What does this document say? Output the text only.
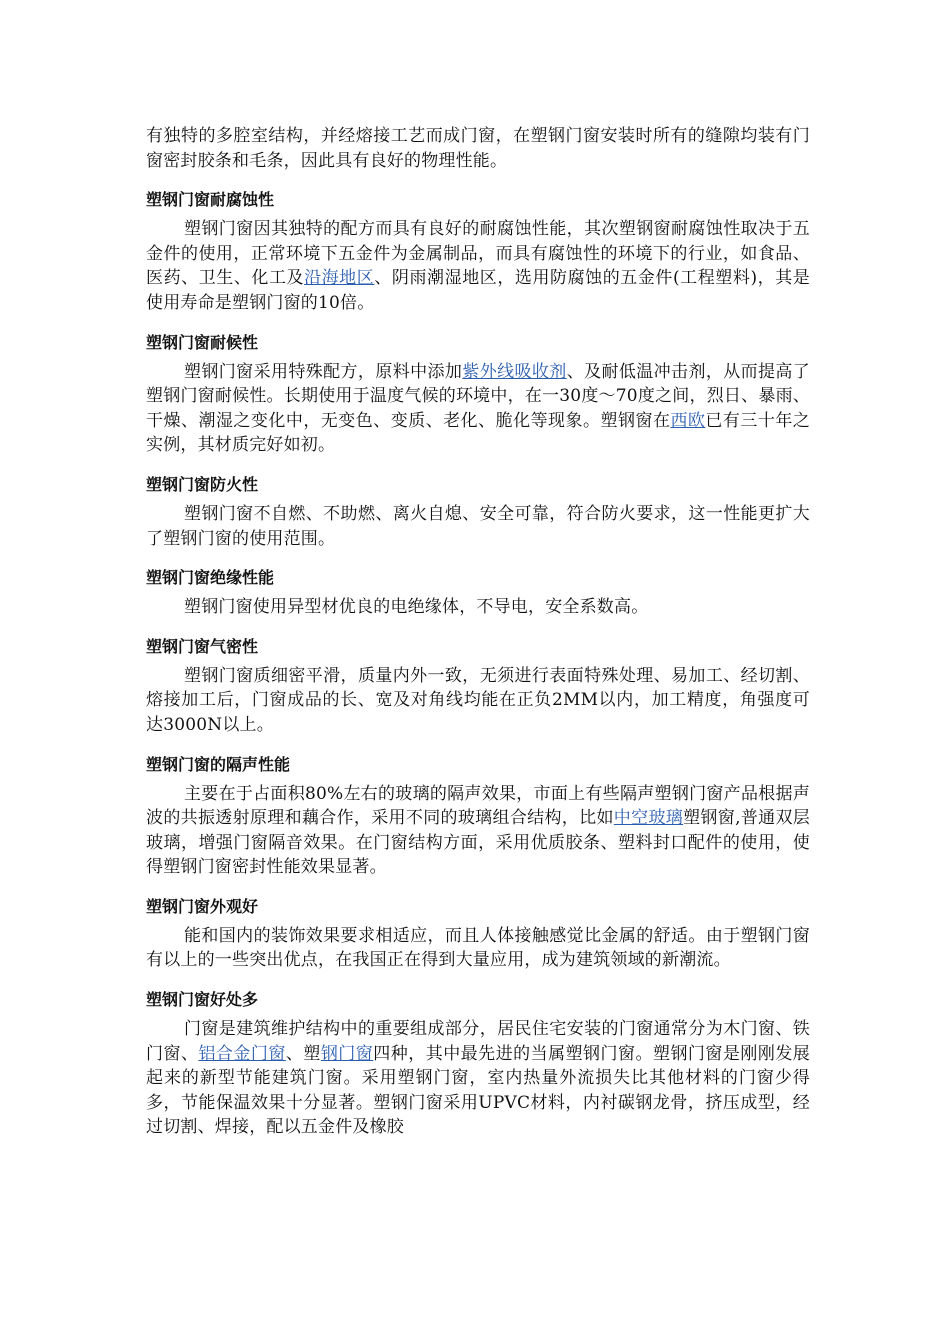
有独特的多腔室结构，并经熔接工艺而成门窗，在塑钢门窗安装时所有的缝隙均装有门窗密封胶条和毛条，因此具有良好的物理性能。

塑钢门窗耐腐蚀性

塑钢门窗因其独特的配方而具有良好的耐腐蚀性能，其次塑钢窗耐腐蚀性取决于五金件的使用，正常环境下五金件为金属制品，而具有腐蚀性的环境下的行业，如食品、医药、卫生、化工及沿海地区、阴雨潮湿地区，选用防腐蚀的五金件(工程塑料)，其是使用寿命是塑钢门窗的10倍。

塑钢门窗耐候性

塑钢门窗采用特殊配方，原料中添加紫外线吸收剂、及耐低温冲击剂，从而提高了塑钢门窗耐候性。长期使用于温度气候的环境中，在一30度～70度之间，烈日、暴雨、干燥、潮湿之变化中，无变色、变质、老化、脆化等现象。塑钢窗在西欧已有三十年之实例，其材质完好如初。

塑钢门窗防火性

塑钢门窗不自燃、不助燃、离火自熄、安全可靠，符合防火要求，这一性能更扩大了塑钢门窗的使用范围。

塑钢门窗绝缘性能

塑钢门窗使用异型材优良的电绝缘体，不导电，安全系数高。

塑钢门窗气密性

塑钢门窗质细密平滑，质量内外一致，无须进行表面特殊处理、易加工、经切割、熔接加工后，门窗成品的长、宽及对角线均能在正负2MM以内，加工精度，角强度可达3000N以上。

塑钢门窗的隔声性能

主要在于占面积80%左右的玻璃的隔声效果，市面上有些隔声塑钢门窗产品根据声波的共振透射原理和藕合作，采用不同的玻璃组合结构，比如中空玻璃塑钢窗,普通双层玻璃，增强门窗隔音效果。在门窗结构方面，采用优质胶条、塑料封口配件的使用，使得塑钢门窗密封性能效果显著。

塑钢门窗外观好

能和国内的装饰效果要求相适应，而且人体接触感觉比金属的舒适。由于塑钢门窗有以上的一些突出优点，在我国正在得到大量应用，成为建筑领域的新潮流。

塑钢门窗好处多

门窗是建筑维护结构中的重要组成部分，居民住宅安装的门窗通常分为木门窗、铁门窗、铝合金门窗、塑钢门窗四种，其中最先进的当属塑钢门窗。塑钢门窗是刚刚发展起来的新型节能建筑门窗。采用塑钢门窗，室内热量外流损失比其他材料的门窗少得多，节能保温效果十分显著。塑钢门窗采用UPVC材料，内衬碳钢龙骨，挤压成型，经过切割、焊接，配以五金件及橡胶
